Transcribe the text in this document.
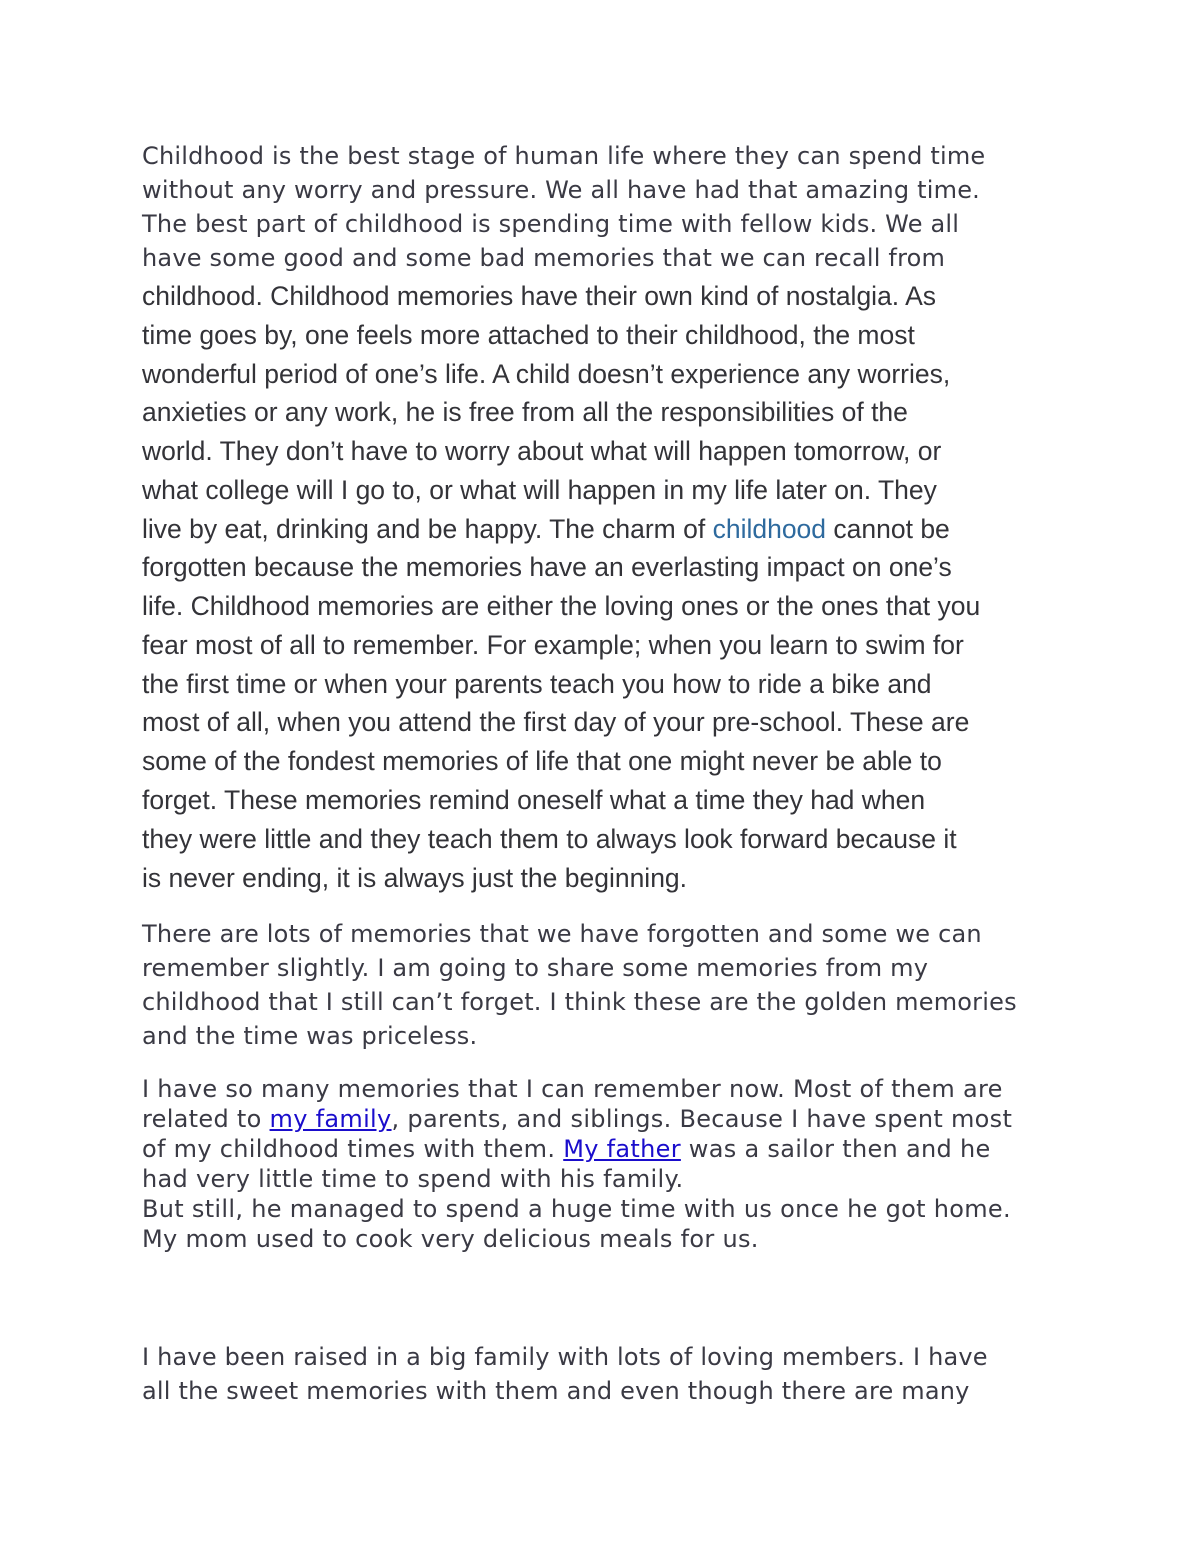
Childhood is the best stage of human life where they can spend time

without any worry and pressure. We all have had that amazing time.

The best part of childhood is spending time with fellow kids. We all

have some good and some bad memories that we can recall from

childhood. Childhood memories have their own kind of nostalgia. As

time goes by, one feels more attached to their childhood, the most

wonderful period of one’s life. A child doesn’t experience any worries,

anxieties or any work, he is free from all the responsibilities of the

world. They don’t have to worry about what will happen tomorrow, or

what college will I go to, or what will happen in my life later on. They

live by eat, drinking and be happy. The charm of childhood cannot be

forgotten because the memories have an everlasting impact on one’s

life. Childhood memories are either the loving ones or the ones that you

fear most of all to remember. For example; when you learn to swim for

the first time or when your parents teach you how to ride a bike and

most of all, when you attend the first day of your pre-school. These are

some of the fondest memories of life that one might never be able to

forget. These memories remind oneself what a time they had when

they were little and they teach them to always look forward because it

is never ending, it is always just the beginning.

There are lots of memories that we have forgotten and some we can

remember slightly. I am going to share some memories from my

childhood that I still can’t forget. I think these are the golden memories

and the time was priceless.

I have so many memories that I can remember now. Most of them are

related to my family, parents, and siblings. Because I have spent most

of my childhood times with them. My father was a sailor then and he

had very little time to spend with his family.

But still, he managed to spend a huge time with us once he got home.

My mom used to cook very delicious meals for us.

I have been raised in a big family with lots of loving members. I have

all the sweet memories with them and even though there are many
